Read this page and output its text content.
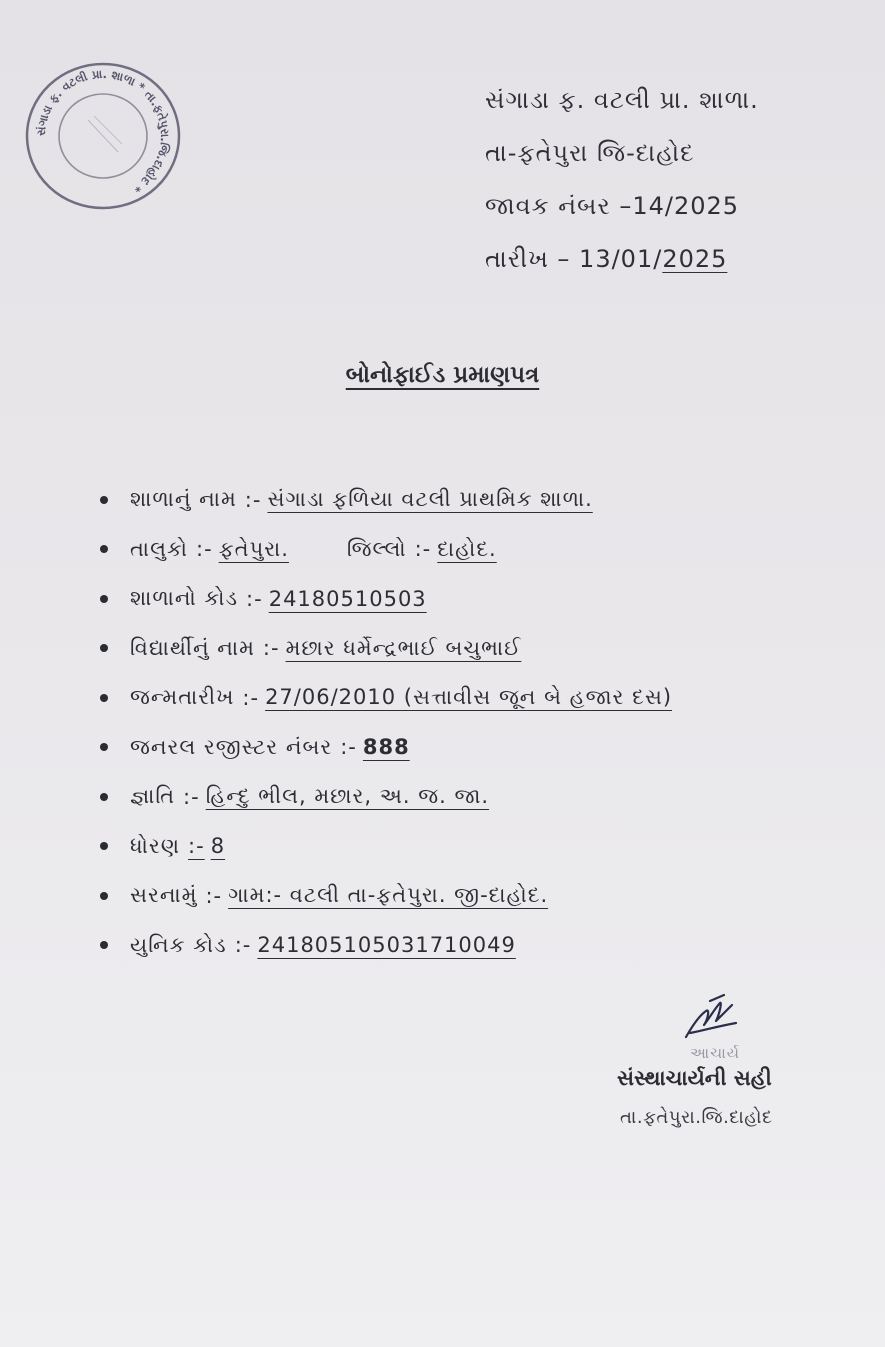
સંગાડા ફ. વટલી પ્રા. શાળા * તા.ફતેપુરા.જિ.દાહોદ *
સંગાડા ફ. વટલી પ્રા. શાળા.
તા-ફતેપુરા જિ-દાહોદ
જાવક નંબર –14/2025
તારીખ – 13/01/2025
બોનોફાઈડ પ્રમાણપત્ર
શાળાનું નામ :- સંગાડા ફળિયા વટલી પ્રાથમિક શાળા.
તાલુકો :- ફતેપુરા.	જિલ્લો :- દાહોદ.
શાળાનો કોડ :- 24180510503
વિદ્યાર્થીનું નામ :- મછાર ધર્મેન્દ્રભાઈ બચુભાઈ
જન્મતારીખ :- 27/06/2010 (સત્તાવીસ જૂન બે હજાર દસ)
જનરલ રજીસ્ટર નંબર :- 888
જ્ઞાતિ :- હિન્દુ ભીલ, મછાર, અ. જ. જા.
ધોરણ :- 8
સરનામું :- ગામ:- વટલી તા-ફતેપુરા. જી-દાહોદ.
યુનિક કોડ :- 241805105031710049
આચાર્ય
સંસ્થાચાર્યની સહી
તા.ફતેપુરા.જિ.દાહોદ
